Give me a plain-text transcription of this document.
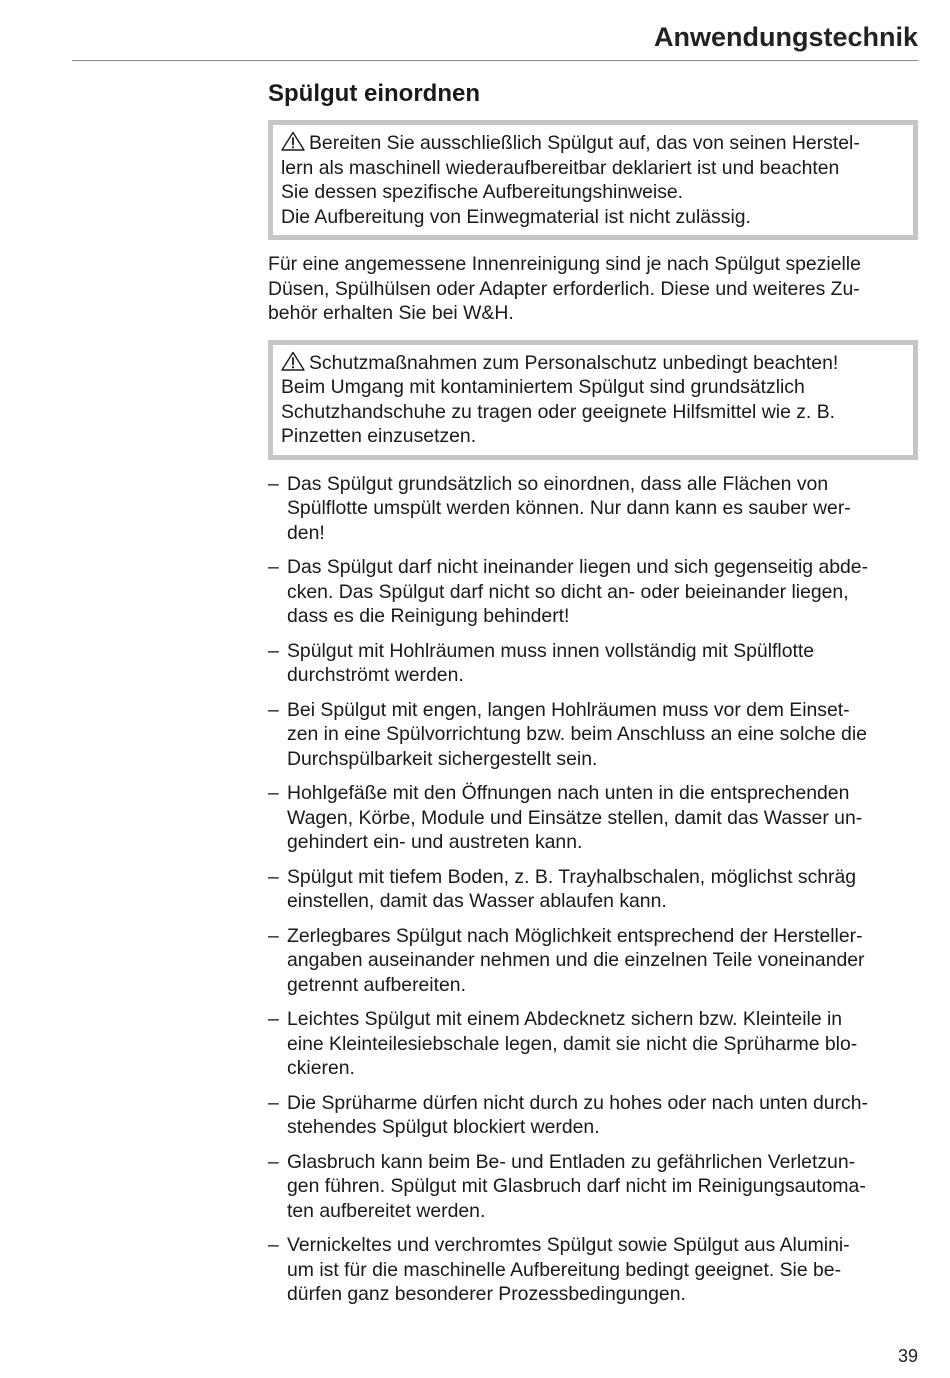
Anwendungstechnik
Spülgut einordnen

Bereiten Sie ausschließlich Spülgut auf, das von seinen Herstel-
lern als maschinell wiederaufbereitbar deklariert ist und beachten
Sie dessen spezifische Aufbereitungshinweise.
Die Aufbereitung von Einwegmaterial ist nicht zulässig.

Für eine angemessene Innenreinigung sind je nach Spülgut spezielle
Düsen, Spülhülsen oder Adapter erforderlich. Diese und weiteres Zu-
behör erhalten Sie bei W&H.

Schutzmaßnahmen zum Personalschutz unbedingt beachten!
Beim Umgang mit kontaminiertem Spülgut sind grundsätzlich
Schutzhandschuhe zu tragen oder geeignete Hilfsmittel wie z. B.
Pinzetten einzusetzen.

– Das Spülgut grundsätzlich so einordnen, dass alle Flächen von
Spülflotte umspült werden können. Nur dann kann es sauber wer-
den!
– Das Spülgut darf nicht ineinander liegen und sich gegenseitig abde-
cken. Das Spülgut darf nicht so dicht an- oder beieinander liegen,
dass es die Reinigung behindert!
– Spülgut mit Hohlräumen muss innen vollständig mit Spülflotte
durchströmt werden.
– Bei Spülgut mit engen, langen Hohlräumen muss vor dem Einset-
zen in eine Spülvorrichtung bzw. beim Anschluss an eine solche die
Durchspülbarkeit sichergestellt sein.
– Hohlgefäße mit den Öffnungen nach unten in die entsprechenden
Wagen, Körbe, Module und Einsätze stellen, damit das Wasser un-
gehindert ein- und austreten kann.
– Spülgut mit tiefem Boden, z. B. Trayhalbschalen, möglichst schräg
einstellen, damit das Wasser ablaufen kann.
– Zerlegbares Spülgut nach Möglichkeit entsprechend der Hersteller-
angaben auseinander nehmen und die einzelnen Teile voneinander
getrennt aufbereiten.
– Leichtes Spülgut mit einem Abdecknetz sichern bzw. Kleinteile in
eine Kleinteilesiebschale legen, damit sie nicht die Sprüharme blo-
ckieren.
– Die Sprüharme dürfen nicht durch zu hohes oder nach unten durch-
stehendes Spülgut blockiert werden.
– Glasbruch kann beim Be- und Entladen zu gefährlichen Verletzun-
gen führen. Spülgut mit Glasbruch darf nicht im Reinigungsautoma-
ten aufbereitet werden.
– Vernickeltes und verchromtes Spülgut sowie Spülgut aus Alumini-
um ist für die maschinelle Aufbereitung bedingt geeignet. Sie be-
dürfen ganz besonderer Prozessbedingungen.
39
